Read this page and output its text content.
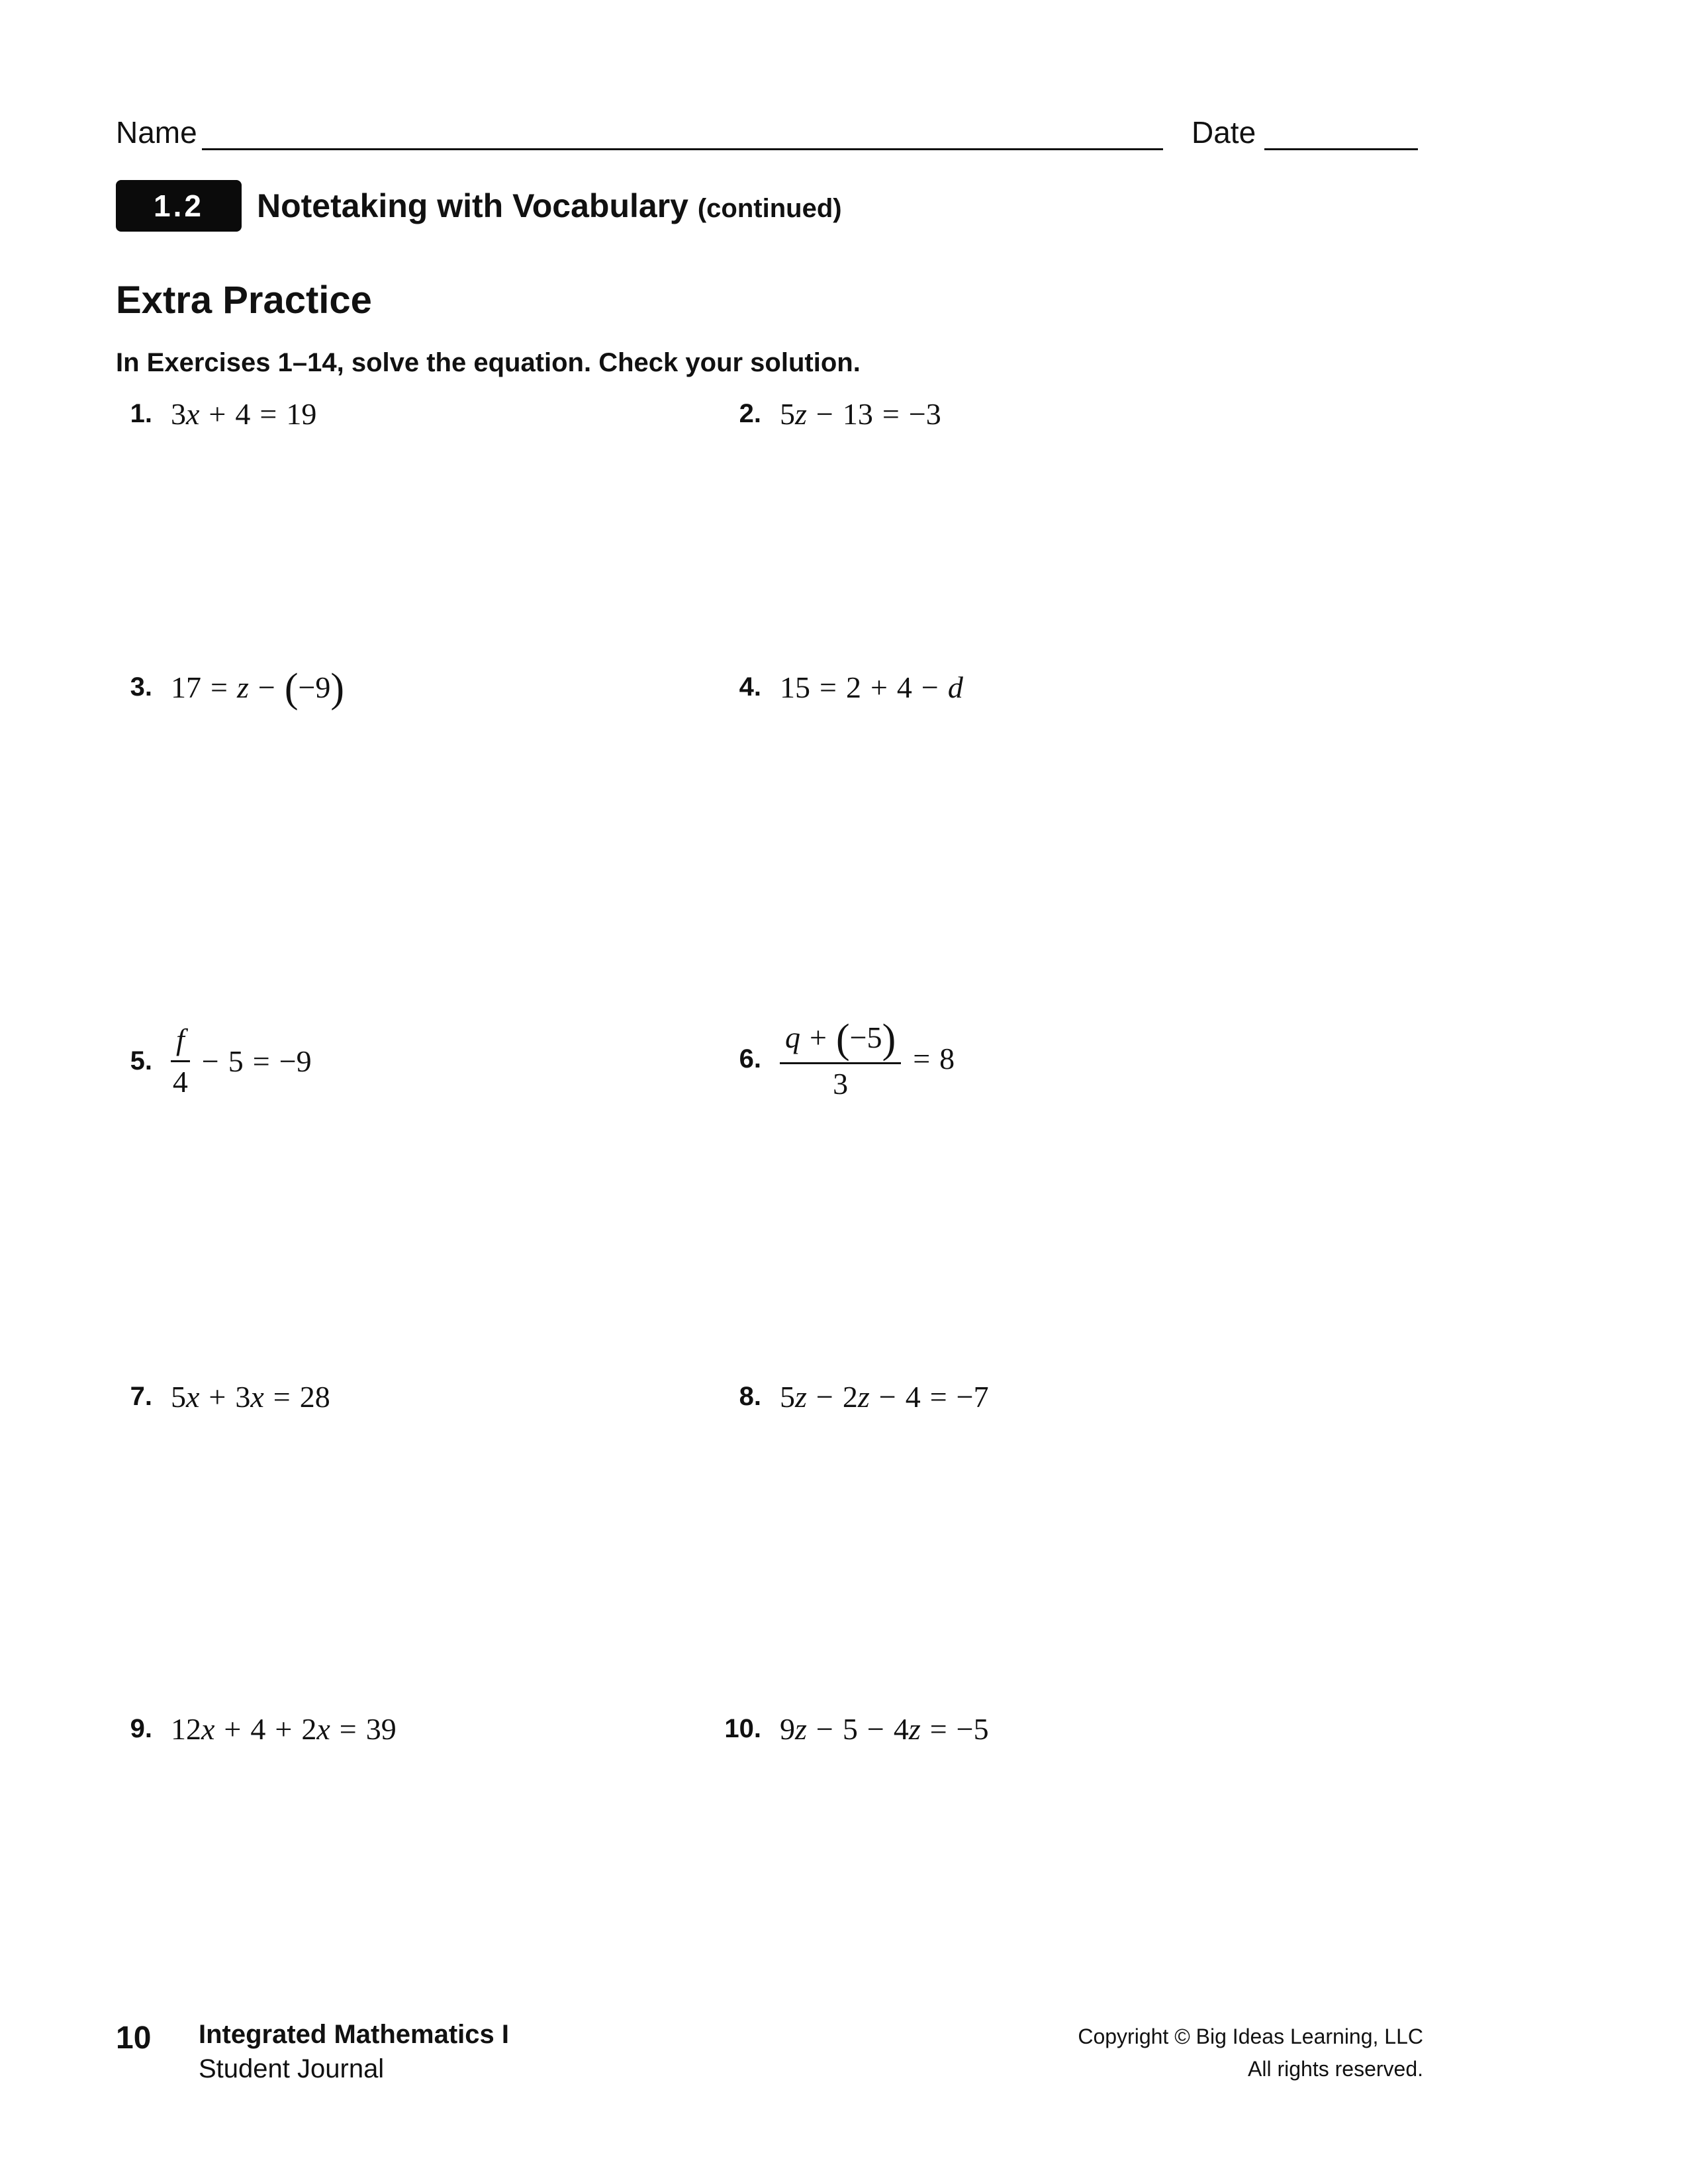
Name	Date
1.2	Notetaking with Vocabulary (continued)
Extra Practice
In Exercises 1–14, solve the equation. Check your solution.
1. 3 x + 4 = 19	2. 5 z − 13 = −3
3. 17 = z − ( −9 )	4. 15 = 2 + 4 − d
5. $\frac{f}{4} - 5 = -9$	6. $\frac{q + ( -5 )}{3} = 8$
7. 5 x + 3 x = 28	8. 5 z − 2 z − 4 = −7
9. 12 x + 4 + 2 x = 39	10. 9 z − 5 − 4 z = −5
10 Integrated Mathematics I
Student Journal
Copyright © Big Ideas Learning, LLC
All rights reserved.
